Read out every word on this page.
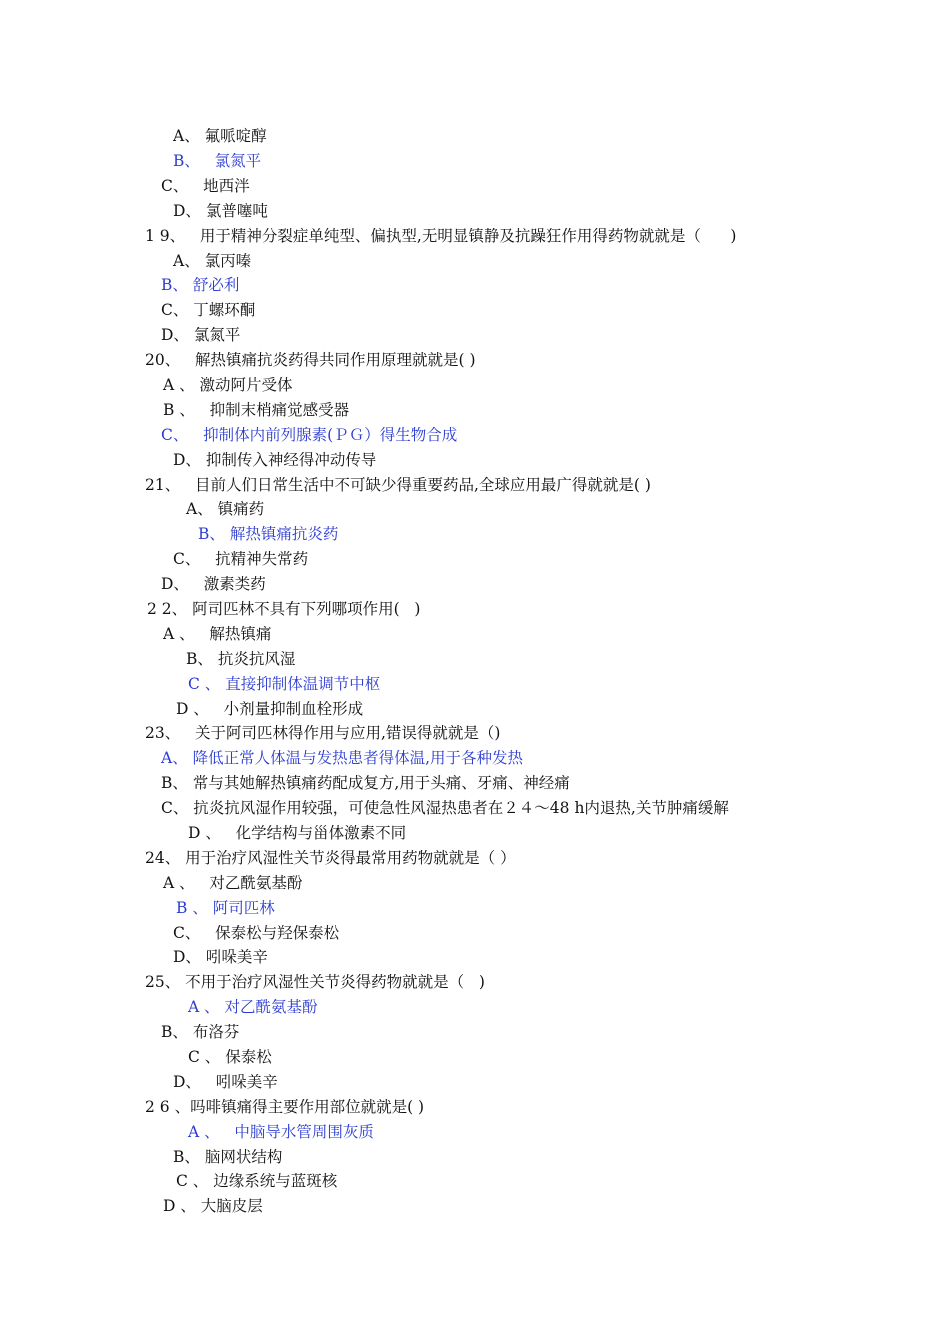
A、 氟哌啶醇
B、   氯氮平
C、   地西泮
D、 氯普噻吨
1 9、   用于精神分裂症单纯型、偏执型,无明显镇静及抗躁狂作用得药物就就是（      )
A、 氯丙嗪
B、 舒必利
C、 丁螺环酮
D、 氯氮平
20、   解热镇痛抗炎药得共同作用原理就就是( )
A 、 激动阿片受体
B 、   抑制末梢痛觉感受器
C、   抑制体内前列腺素(ＰＧ）得生物合成
D、 抑制传入神经得冲动传导
21、   目前人们日常生活中不可缺少得重要药品,全球应用最广得就就是( )
A、 镇痛药
B、 解热镇痛抗炎药
C、   抗精神失常药
D、   激素类药
2 2、 阿司匹林不具有下列哪项作用(   )
A 、   解热镇痛
B、 抗炎抗风湿
C 、 直接抑制体温调节中枢
D 、   小剂量抑制血栓形成
23、   关于阿司匹林得作用与应用,错误得就就是（)
A、 降低正常人体温与发热患者得体温,用于各种发热
B、 常与其她解热镇痛药配成复方,用于头痛、牙痛、神经痛
C、 抗炎抗风湿作用较强，可使急性风湿热患者在２４～48 h内退热,关节肿痛缓解
D 、   化学结构与甾体激素不同
24、 用于治疗风湿性关节炎得最常用药物就就是（ ）
A 、   对乙酰氨基酚
B 、 阿司匹林
C、   保泰松与羟保泰松
D、 吲哚美辛
25、 不用于治疗风湿性关节炎得药物就就是（   )
A 、 对乙酰氨基酚
B、 布洛芬
C 、 保泰松
D、   吲哚美辛
2 6 、吗啡镇痛得主要作用部位就就是( )
A 、   中脑导水管周围灰质
B、 脑网状结构
C 、 边缘系统与蓝斑核
D 、 大脑皮层
